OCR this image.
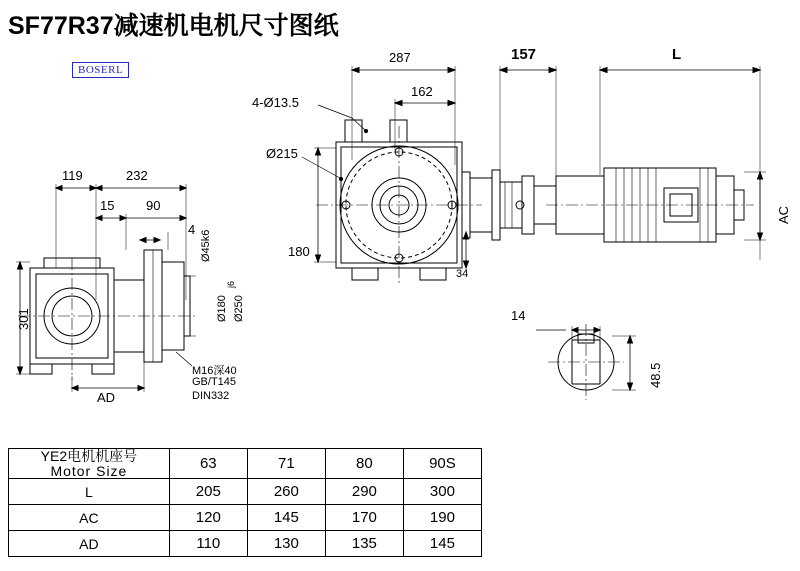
SF77R37减速机电机尺寸图纸
BOSERL
287
162
157	L
4-Ø13.5
Ø215
180
34
AC
119	232
15 90
4
Ø45k6
Ø180
j6
Ø250
301
AD
M16深40
GB/T145
DIN332
14
48.5
YE2电机机座号
Motor Size	63	71	80	90S
L	205	260	290	300
AC	120	145	170	190
AD	110	130	135	145
